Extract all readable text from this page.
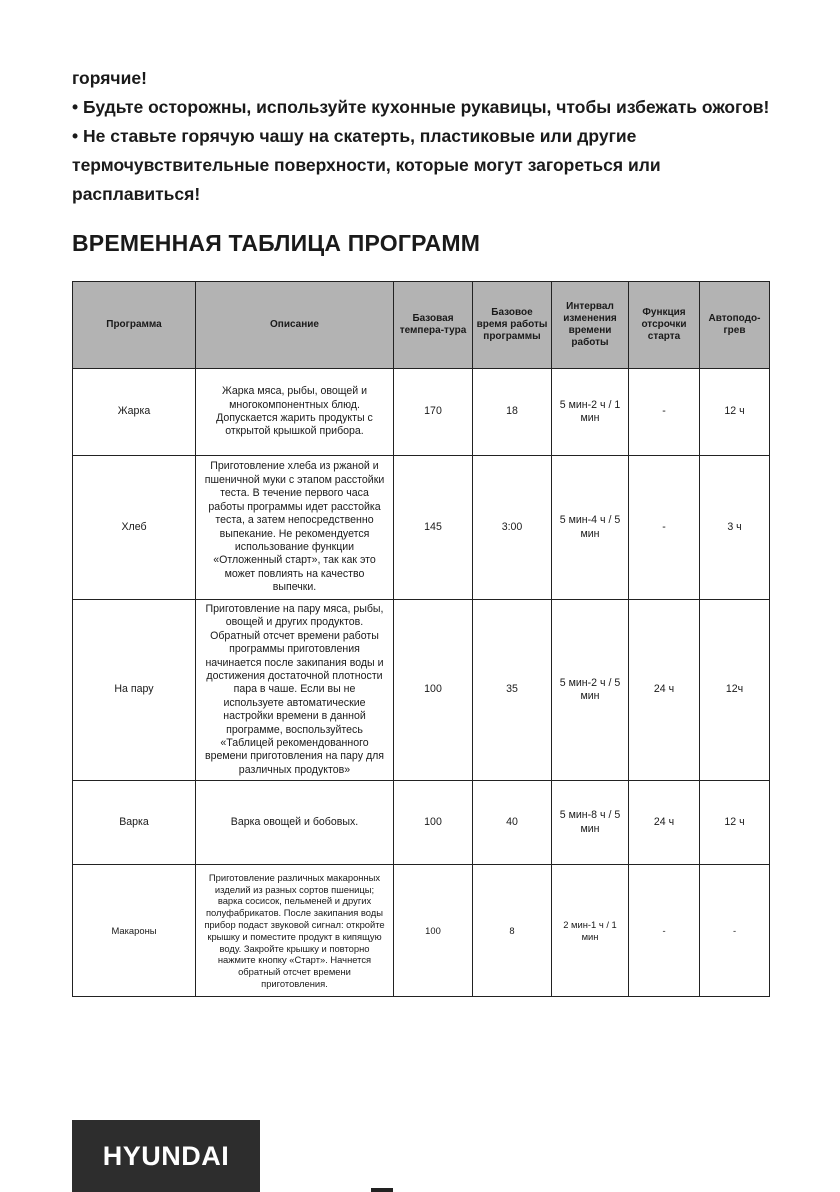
горячие!

• Будьте осторожны, используйте кухонные рукавицы, чтобы избежать ожогов!

• Не ставьте горячую чашу на скатерть, пластиковые или другие термочувствительные поверхности, которые могут загореться или расплавиться!

ВРЕМЕННАЯ ТАБЛИЦА ПРОГРАММ
Программа	Описание	Базовая темпера-тура	Базовое время работы программы	Интервал изменения времени работы	Функция отсрочки старта	Автоподо-грев
Жарка	Жарка мяса, рыбы, овощей и многокомпонентных блюд. Допускается жарить продукты с открытой крышкой прибора.	170	18	5 мин-2 ч / 1 мин	-	12 ч
Хлеб	Приготовление хлеба из ржаной и пшеничной муки с этапом расстойки теста. В течение первого часа работы программы идет расстойка теста, а затем непосредственно выпекание. Не рекомендуется использование функции «Отложенный старт», так как это может повлиять на качество выпечки.	145	3:00	5 мин-4 ч / 5 мин	-	3 ч
На пару	Приготовление на пару мяса, рыбы, овощей и других продуктов. Обратный отсчет времени работы программы приготовления начинается после закипания воды и достижения достаточной плотности пара в чаше. Если вы не используете автоматические настройки времени в данной программе, воспользуйтесь «Таблицей рекомендованного времени приготовления на пару для различных продуктов»	100	35	5 мин-2 ч / 5 мин	24 ч	12ч
Варка	Варка овощей и бобовых.	100	40	5 мин-8 ч / 5 мин	24 ч	12 ч
Макароны	Приготовление различных макаронных изделий из разных сортов пшеницы; варка сосисок, пельменей и других полуфабрикатов. После закипания воды прибор подаст звуковой сигнал: откройте крышку и поместите продукт в кипящую воду. Закройте крышку и повторно нажмите кнопку «Старт». Начнется обратный отсчет времени приготовления.	100	8	2 мин-1 ч / 1 мин	-	-
HYUNDAI
